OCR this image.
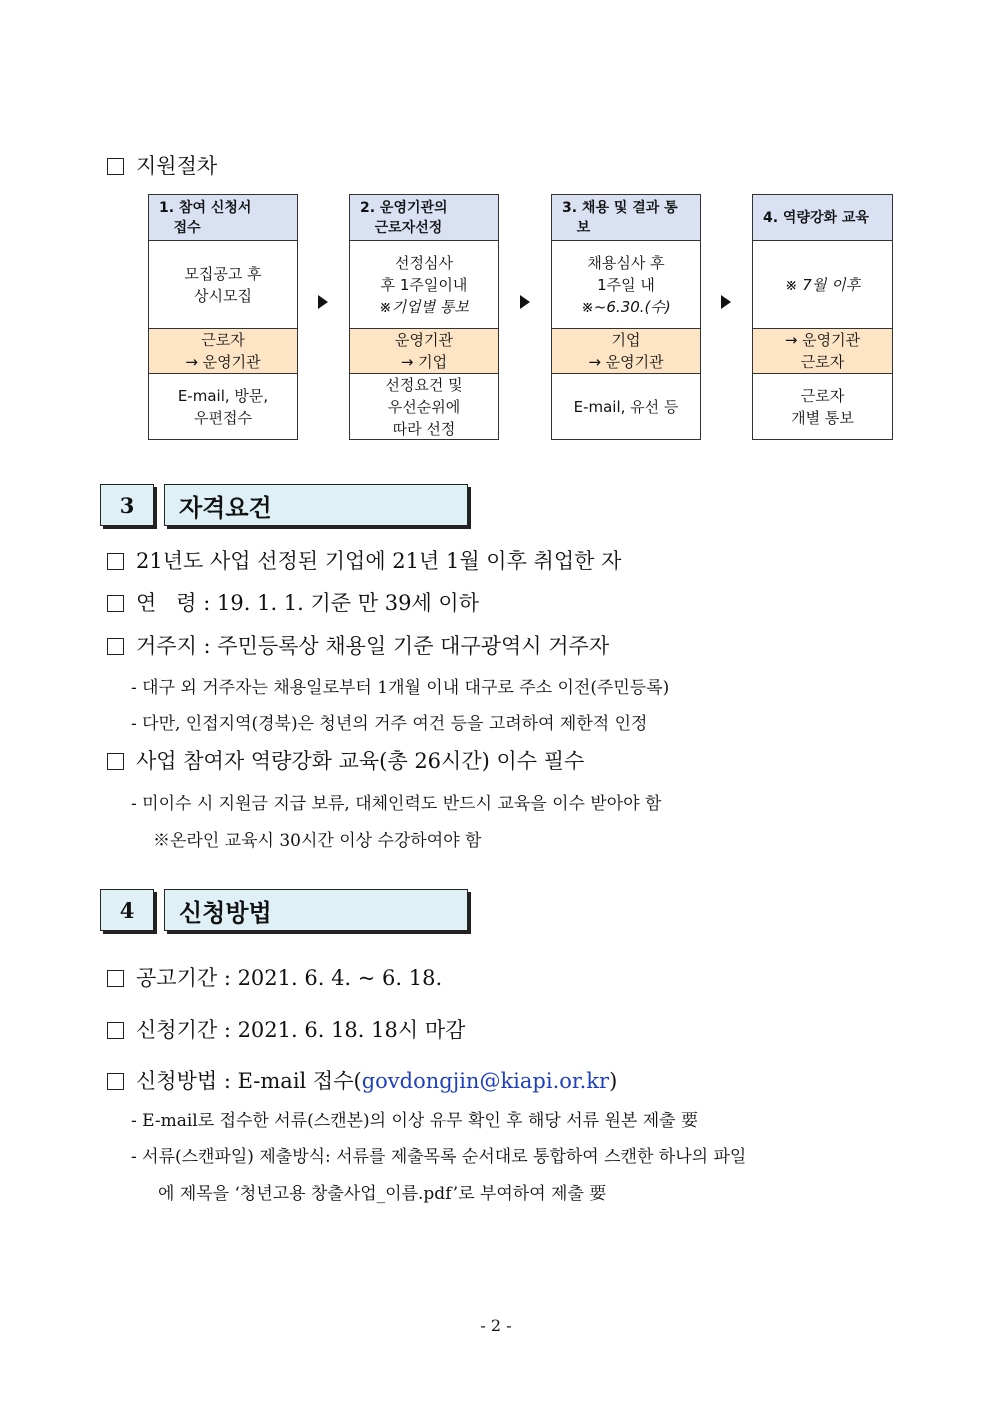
지원절차
1. 참여 신청서
접수
모집공고 후
상시모집
근로자
→ 운영기관
E-mail, 방문,
우편접수
2. 운영기관의
근로자선정
선정심사
후 1주일이내
※기업별 통보
운영기관
→ 기업
선정요건 및
우선순위에
따라 선정
3. 채용 및 결과 통
보
채용심사 후
1주일 내
※~6.30.(수)
기업
→ 운영기관
E-mail, 유선 등
4. 역량강화 교육
※ 7월 이후
→ 운영기관
근로자
근로자
개별 통보
3	자격요건
21년도 사업 선정된 기업에 21년 1월 이후 취업한 자
연   령 : 19. 1. 1. 기준 만 39세 이하
거주지 : 주민등록상 채용일 기준 대구광역시 거주자
- 대구 외 거주자는 채용일로부터 1개월 이내 대구로 주소 이전(주민등록)
- 다만, 인접지역(경북)은 청년의 거주 여건 등을 고려하여 제한적 인정
사업 참여자 역량강화 교육(총 26시간) 이수 필수
- 미이수 시 지원금 지급 보류, 대체인력도 반드시 교육을 이수 받아야 함
※온라인 교육시 30시간 이상 수강하여야 함
4	신청방법
공고기간 : 2021. 6. 4. ~ 6. 18.
신청기간 : 2021. 6. 18. 18시 마감
신청방법 : E-mail 접수(govdongjin@kiapi.or.kr)
- E-mail로 접수한 서류(스캔본)의 이상 유무 확인 후 해당 서류 원본 제출 要
- 서류(스캔파일) 제출방식: 서류를 제출목록 순서대로 통합하여 스캔한 하나의 파일
에 제목을 ‘청년고용 창출사업_이름.pdf’로 부여하여 제출 要
- 2 -
